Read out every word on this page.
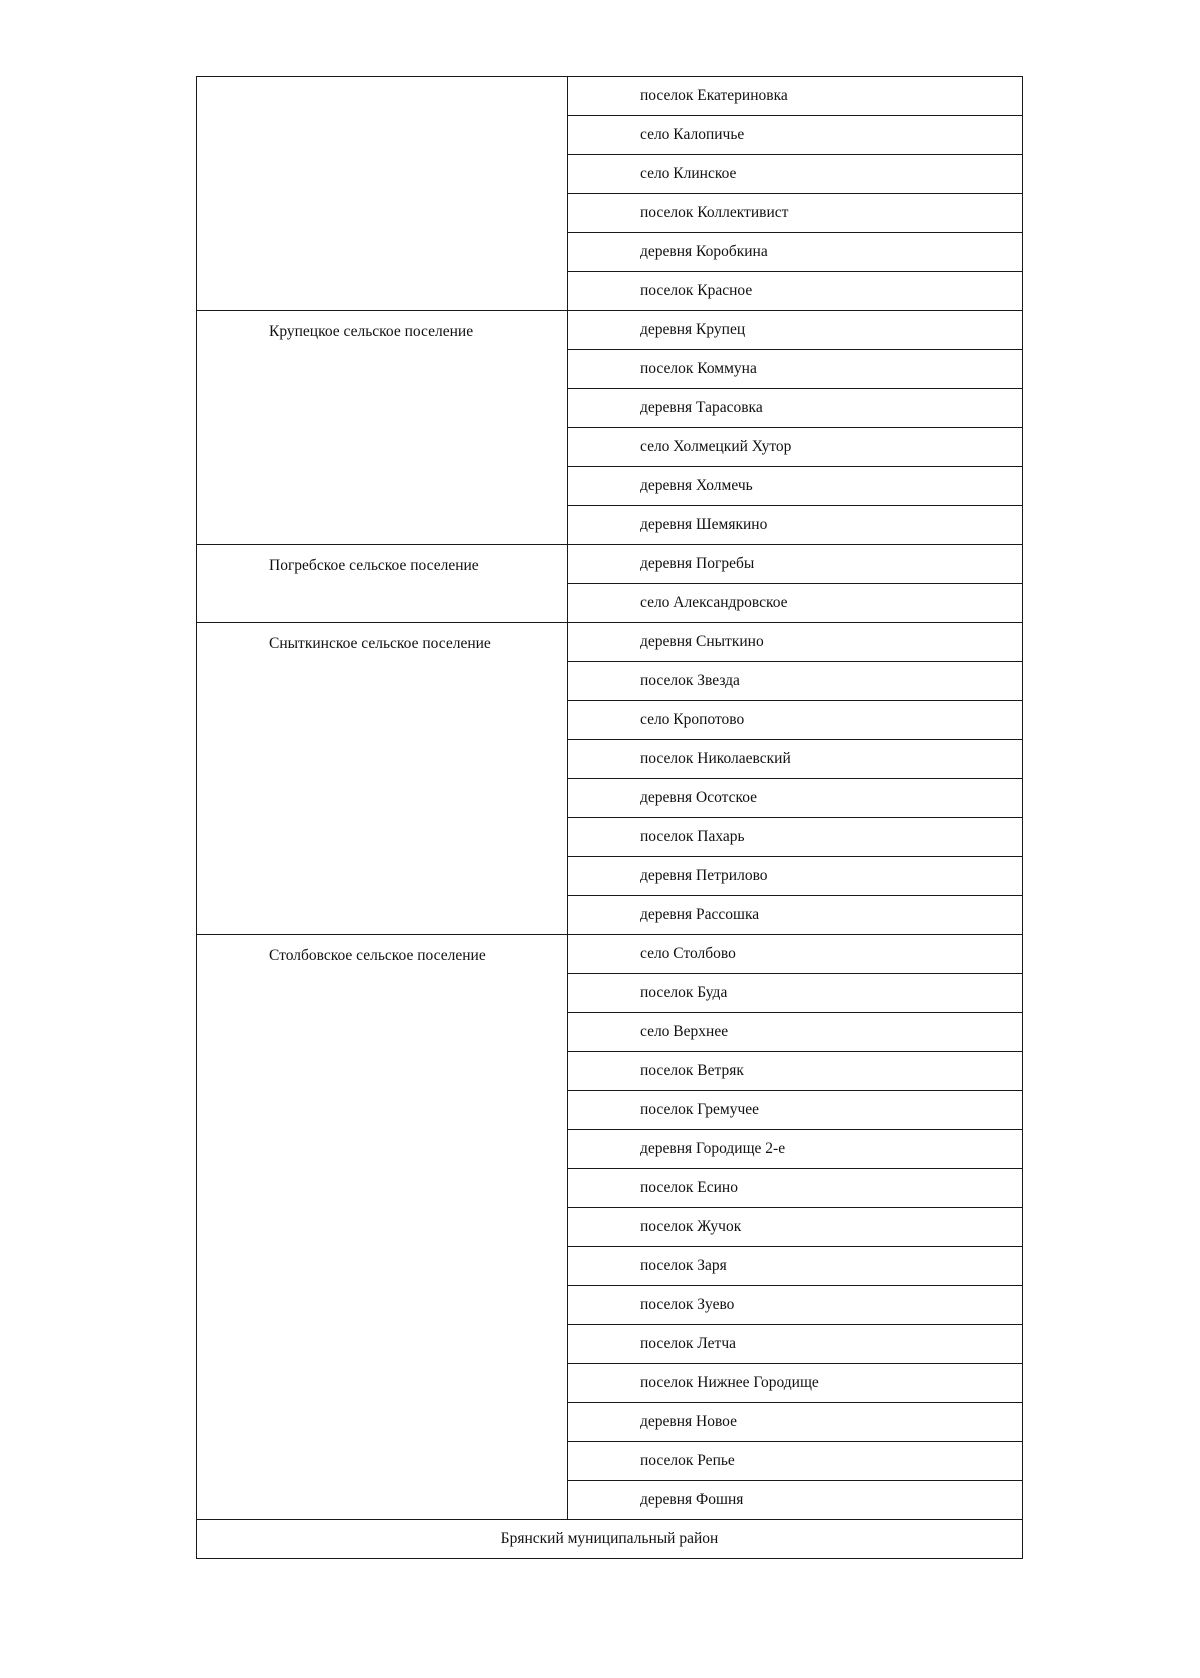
	поселок Екатериновка
	село Калопичье
	село Клинское
	поселок Коллективист
	деревня Коробкина
	поселок Красное
Крупецкое сельское поселение	деревня Крупец
	поселок Коммуна
	деревня Тарасовка
	село Холмецкий Хутор
	деревня Холмечь
	деревня Шемякино
Погребское сельское поселение	деревня Погребы
	село Александровское
Сныткинское сельское поселение	деревня Сныткино
	поселок Звезда
	село Кропотово
	поселок Николаевский
	деревня Осотское
	поселок Пахарь
	деревня Петрилово
	деревня Рассошка
Столбовское сельское поселение	село Столбово
	поселок Буда
	село Верхнее
	поселок Ветряк
	поселок Гремучее
	деревня Городище 2-е
	поселок Есино
	поселок Жучок
	поселок Заря
	поселок Зуево
	поселок Летча
	поселок Нижнее Городище
	деревня Новое
	поселок Репье
	деревня Фошня
Брянский муниципальный район	
